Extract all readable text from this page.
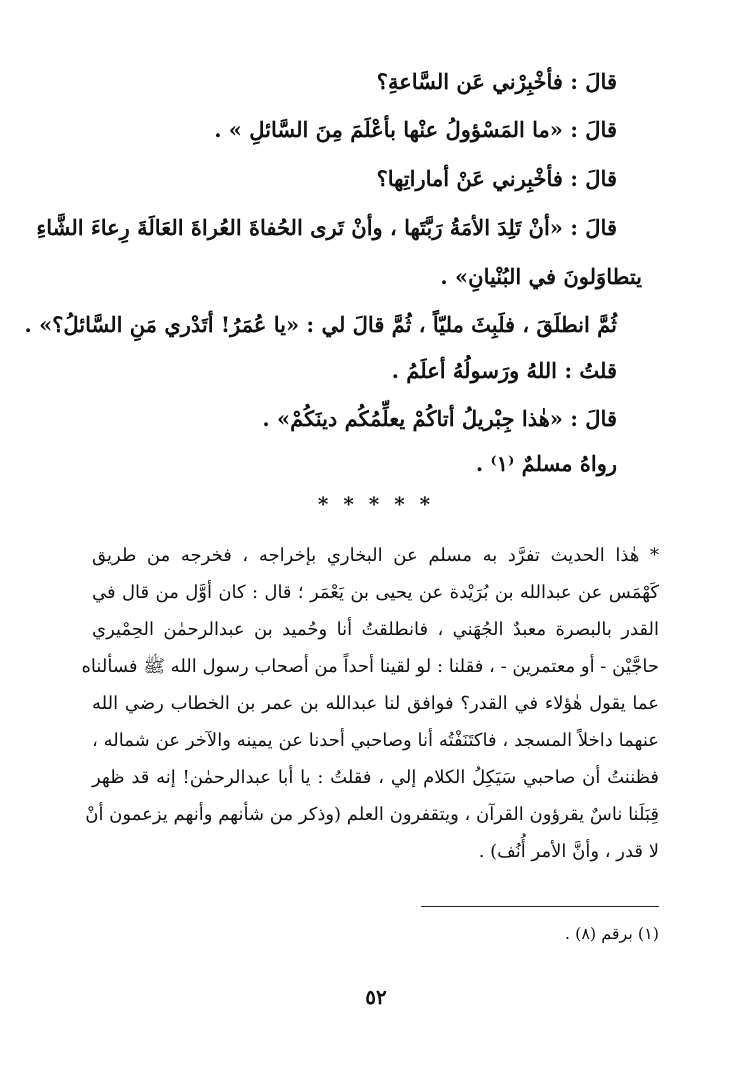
قالَ : فأخْبِرْني عَن السَّاعةِ؟
قالَ : «ما المَسْؤولُ عنْها بأعْلَمَ مِنَ السَّائلِ » .
قالَ : فأخْبِرني عَنْ أماراتِها؟
قالَ : «أنْ تَلِدَ الأمَةُ رَبَّتَها ، وأنْ تَرى الحُفاةَ العُراةَ العَالَةَ رِعاءَ الشَّاءِ
يتطاوَلونَ في البُنْيانِ» .
ثُمَّ انطلَقَ ، فلَبِثَ مليّاً ، ثُمَّ قالَ لي : «يا عُمَرُ! أتَدْري مَنِ السَّائلُ؟» .
قلتُ : اللهُ ورَسولُهُ أعلَمُ .
قالَ : «هٰذا جِبْريلُ أتاكُمْ يعلِّمُكُم دينَكُمْ» .
رواهُ مسلمٌ ⁽١⁾ .
* * * * *
* هٰذا الحديث تفرَّد به مسلم عن البخاري بإخراجه ، فخرجه من طريق
كَهْمَس عن عبدالله بن بُرَيْدة عن يحيى بن يَعْمَر ؛ قال : كان أوَّل من قال في
القدر بالبصرة معبدٌ الجُهَني ، فانطلقتُ أنا وحُميد بن عبدالرحمٰن الحِمْيري
حاجَّيْن - أو معتمرين - ، فقلنا : لو لقينا أحداً من أصحاب رسول الله ﷺ فسألناه
عما يقول هٰؤلاء في القدر؟ فوافق لنا عبدالله بن عمر بن الخطاب رضي الله
عنهما داخلاً المسجد ، فاكتَنَفْتُه أنا وصاحبي أحدنا عن يمينه والآخر عن شماله ،
فظننتُ أن صاحبي سَيَكِلُ الكلام إلي ، فقلتُ : يا أبا عبدالرحمٰن! إنه قد ظهر
قِبَلَنا ناسٌ يقرؤون القرآن ، ويتقفرون العلم (وذكر من شأنهم وأنهم يزعمون أنْ
لا قدر ، وأنَّ الأمر أُنُف) .
(١) برقم (٨) .
٥٢
